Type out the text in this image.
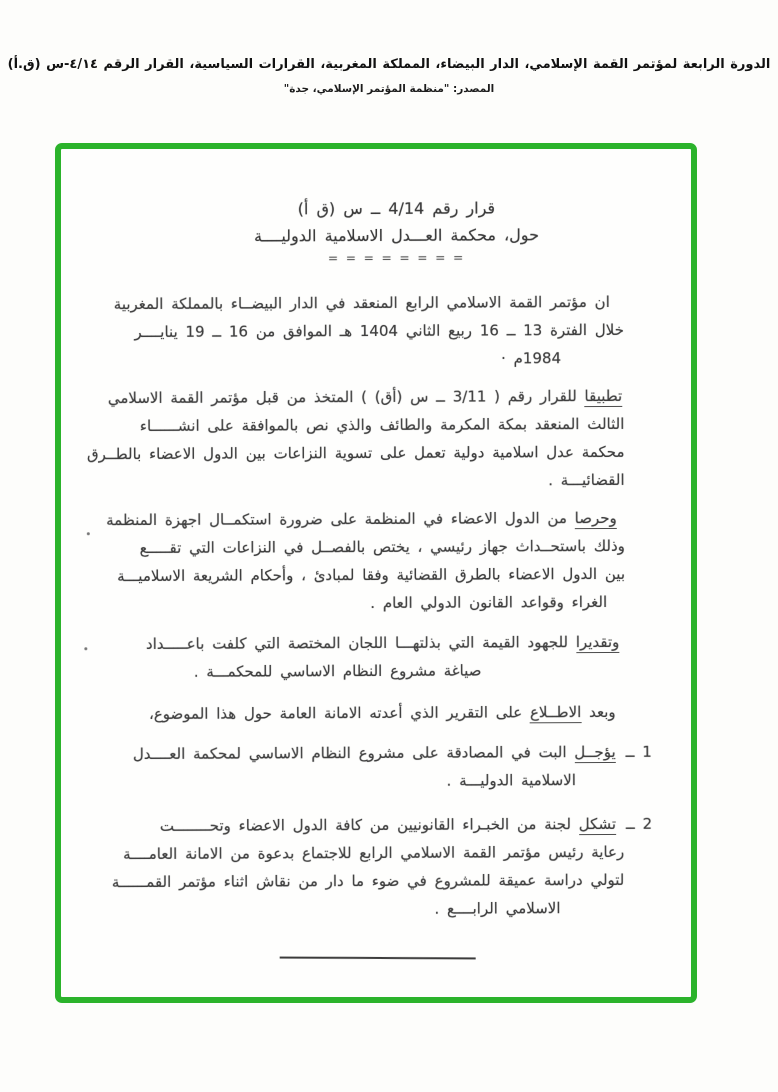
الدورة الرابعة لمؤتمر القمة الإسلامي، الدار البيضاء، المملكة المغربية، القرارات السياسية، القرار الرقم ٤/١٤-س (ق.أ)
المصدر: "منظمة المؤتمر الإسلامي، جدة"
قرار رقم 4/14 ــ س (ق أ)
حول، محكمة العـــدل الاسلامية الدوليــــة
= = = = = = = =
ان مؤتمر القمة الاسلامي الرابع المنعقد في الدار البيضــاء بالمملكة المغربية
خلال الفترة 13 ــ 16 ربيع الثاني 1404 هـ الموافق من 16 ــ 19 ينايــــر
1984م ·
تطبيقا للقرار رقم ( 3/11 ــ س (أق) ) المتخذ من قبل مؤتمر القمة الاسلامي
الثالث المنعقد بمكة المكرمة والطائف والذي نص بالموافقة على انشــــــاء
محكمة عدل اسلامية دولية تعمل على تسوية النزاعات بين الدول الاعضاء بالطــرق
القضائيـــة .
وحرصا من الدول الاعضاء في المنظمة على ضرورة استكمــال اجهزة المنظمة
وذلك باستحــداث جهاز رئيسي ، يختص بالفصــل في النزاعات التي تقـــــع
بين الدول الاعضاء بالطرق القضائية وفقا لمبادئ ، وأحكام الشريعة الاسلاميـــة
الغراء وقواعد القانون الدولي العام .
وتقديرا للجهود القيمة التي بذلتهـــا اللجان المختصة التي كلفت باعـــــداد
صياغة مشروع النظام الاساسي للمحكمـــة .
وبعد الاطــلاع على التقرير الذي أعدته الامانة العامة حول هذا الموضوع،
1 ــيؤجــل البت في المصادقة على مشروع النظام الاساسي لمحكمة العــــدل
الاسلامية الدوليـــة .
2 ــتشكل لجنة من الخبـراء القانونيين من كافة الدول الاعضاء وتحــــــــت
رعاية رئيس مؤتمر القمة الاسلامي الرابع للاجتماع بدعوة من الامانة العامــــة
لتولي دراسة عميقة للمشروع في ضوء ما دار من نقاش اثناء مؤتمر القمــــــة
الاسلامي الرابــــع .
